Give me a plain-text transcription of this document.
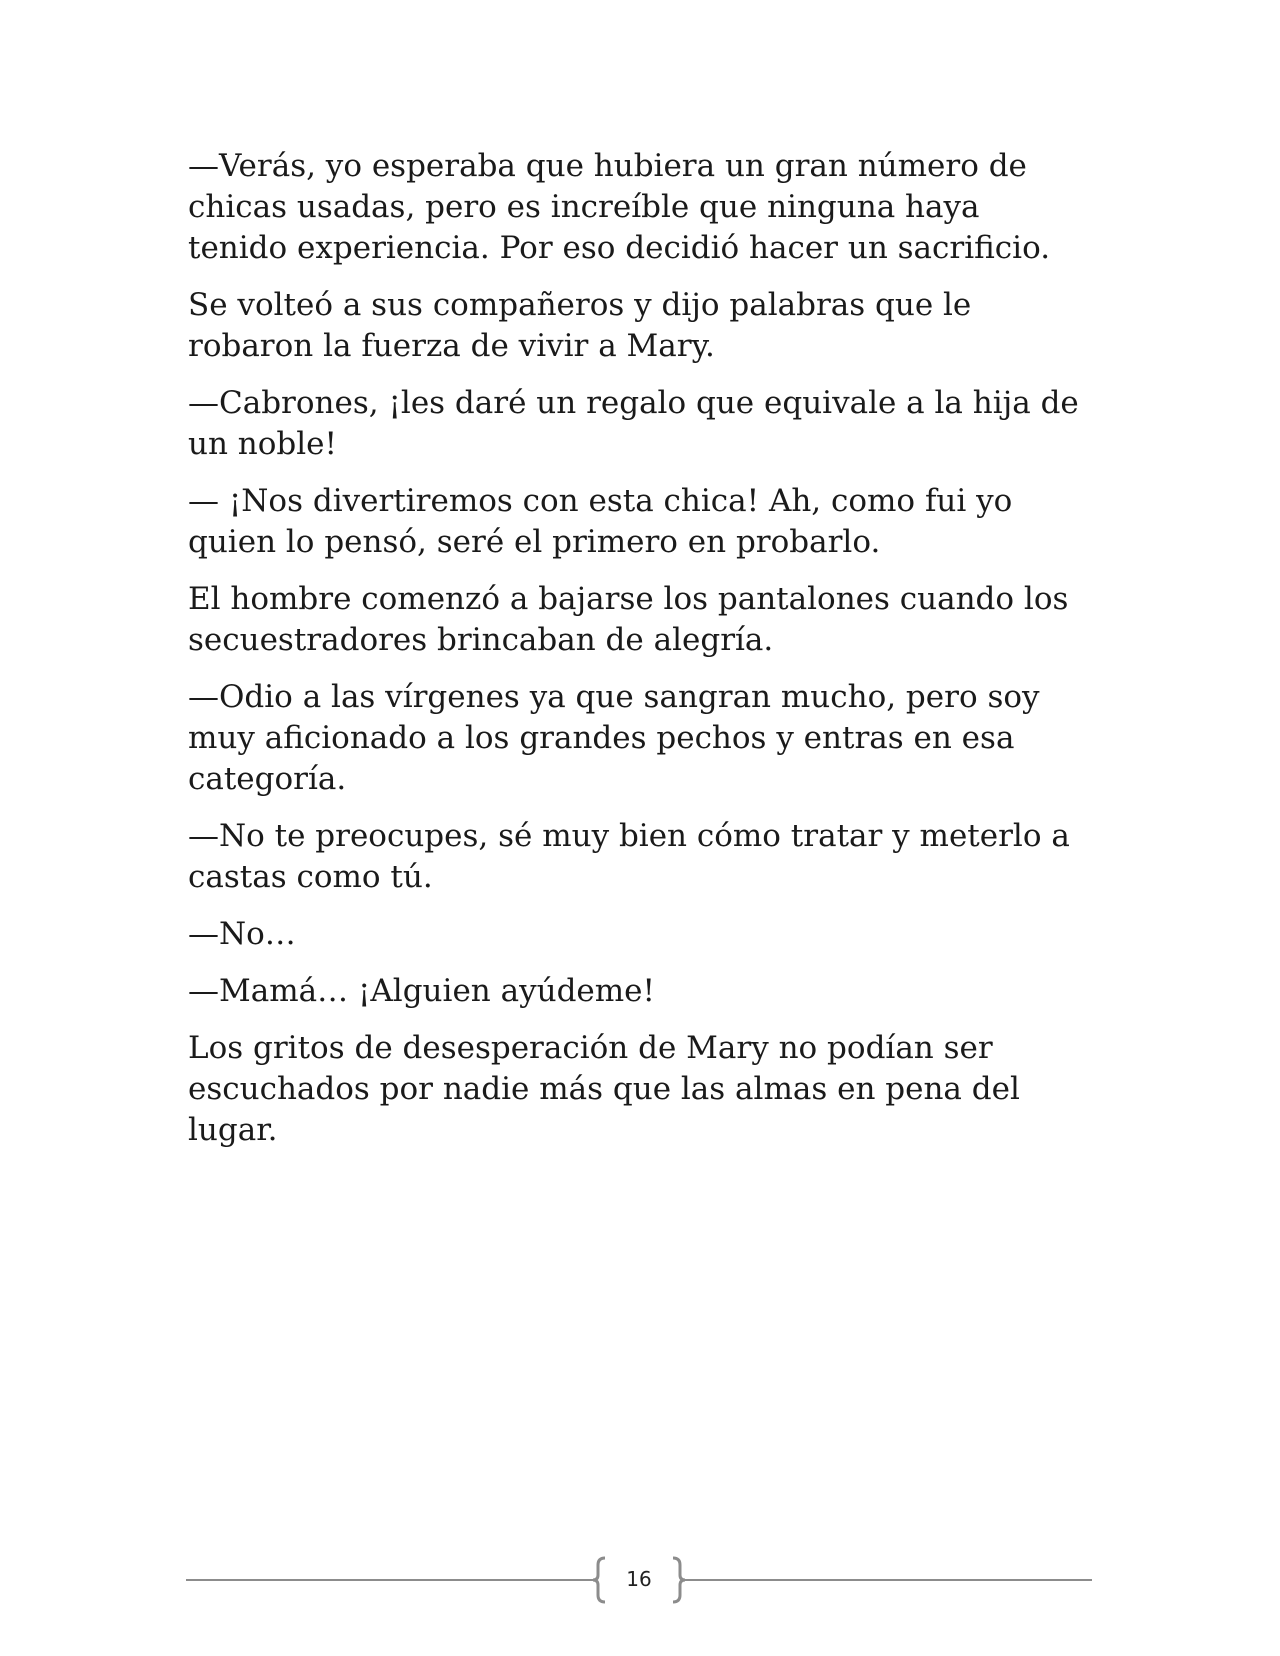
—Verás, yo esperaba que hubiera un gran número de chicas usadas, pero es increíble que ninguna haya tenido experiencia. Por eso decidió hacer un sacrificio.

Se volteó a sus compañeros y dijo palabras que le robaron la fuerza de vivir a Mary.

—Cabrones, ¡les daré un regalo que equivale a la hija de un noble!

— ¡Nos divertiremos con esta chica! Ah, como fui yo quien lo pensó, seré el primero en probarlo.

El hombre comenzó a bajarse los pantalones cuando los secuestradores brincaban de alegría.

—Odio a las vírgenes ya que sangran mucho, pero soy muy aficionado a los grandes pechos y entras en esa categoría.

—No te preocupes, sé muy bien cómo tratar y meterlo a castas como tú.

—No…

—Mamá… ¡Alguien ayúdeme!

Los gritos de desesperación de Mary no podían ser escuchados por nadie más que las almas en pena del lugar.

16
